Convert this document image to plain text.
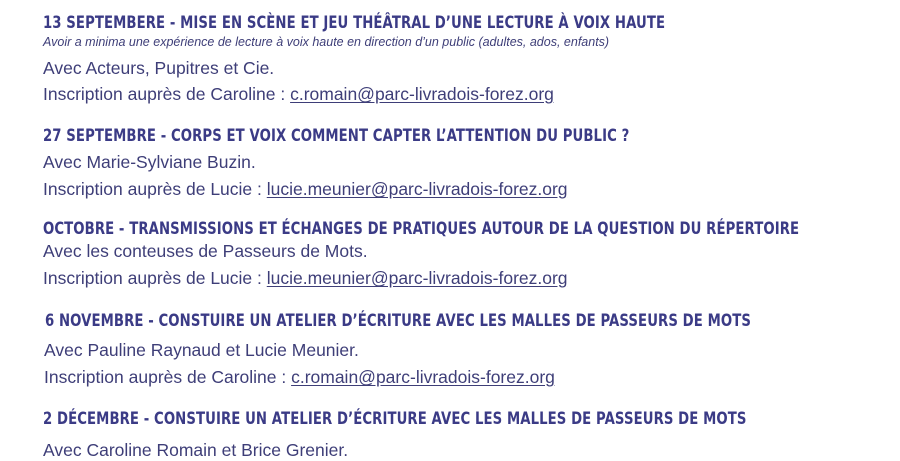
13 SEPTEMBERE - MISE EN SCÈNE ET JEU THÉÂTRAL D’UNE LECTURE À VOIX HAUTE
Avoir a minima une expérience de lecture à voix haute en direction d’un public (adultes, ados, enfants)
Avec Acteurs, Pupitres et Cie.
Inscription auprès de Caroline : c.romain@parc-livradois-forez.org
27 SEPTEMBRE - CORPS ET VOIX COMMENT CAPTER L’ATTENTION DU PUBLIC ?
Avec Marie-Sylviane Buzin.
Inscription auprès de Lucie : lucie.meunier@parc-livradois-forez.org
OCTOBRE - TRANSMISSIONS ET ÉCHANGES DE PRATIQUES AUTOUR DE LA QUESTION DU RÉPERTOIRE
Avec les conteuses de Passeurs de Mots.
Inscription auprès de Lucie : lucie.meunier@parc-livradois-forez.org
6 NOVEMBRE - CONSTUIRE UN ATELIER D’ÉCRITURE AVEC LES MALLES DE PASSEURS DE MOTS
Avec Pauline Raynaud et Lucie Meunier.
Inscription auprès de Caroline : c.romain@parc-livradois-forez.org
2 DÉCEMBRE - CONSTUIRE UN ATELIER D’ÉCRITURE AVEC LES MALLES DE PASSEURS DE MOTS
Avec Caroline Romain et Brice Grenier.
